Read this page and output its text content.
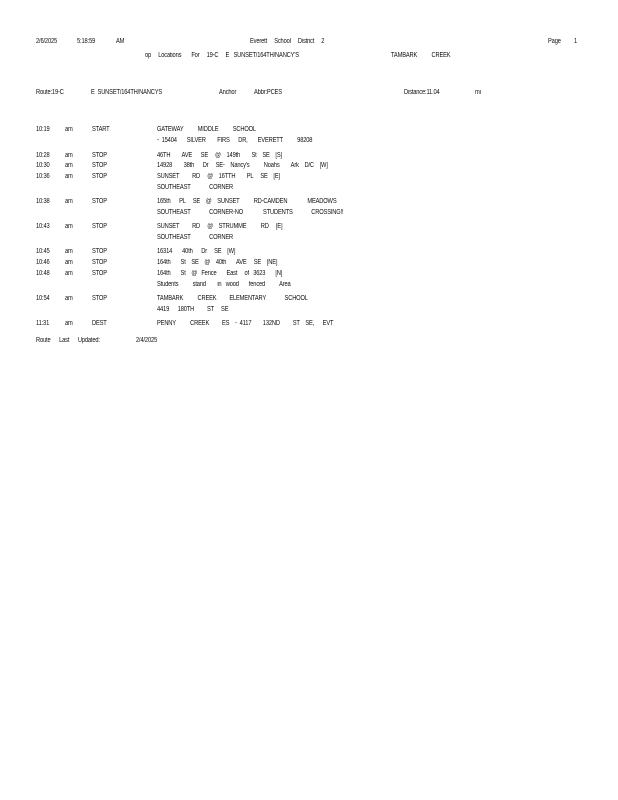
2/6/2025	5:18:59	AM	Everett     School     District     2	Page 1
op     Locations       For     19-C     E   SUNSET/164TH/NANCY'S	TAMBARK          CREEK
Route:19-C	E  SUNSET/164TH/NANCYS	Anchor	Abbr:PCES	Distance:11.04	mi
10:19 am	START	GATEWAY          MIDDLE          SCHOOL
-  15404       SILVER        FIRS      DR,       EVERETT          98208
10:28 am	STOP	46TH        AVE      SE     @    149th        St    SE    [S]
10:30 am	STOP	14928        38th      Dr     SE-    Nancy's          Noahs        Ark    D/C    [W]
10:36 am	STOP	SUNSET         RD     @    16TTH        PL     SE    [E]
SOUTHEAST             CORNER
10:38 am	STOP	165th      PL     SE    @    SUNSET          RD-CAMDEN              MEADOWS
SOUTHEAST             CORNER-NO              STUDENTS             CROSSING!!
10:43 am	STOP	SUNSET         RD     @    STRUMME          RD     [E]
SOUTHEAST             CORNER
10:45 am	STOP	16314       40th      Dr     SE    [W]
10:46 am	STOP	164th       St    SE    @    40th       AVE     SE    [NE]
10:48 am	STOP	164th       St    @   Fence       East     of   3623       [N]
Students          stand        in   wood       fenced          Area
10:54 am	STOP	TAMBARK          CREEK         ELEMENTARY             SCHOOL
4419      180TH         ST     SE
11:31 am	DEST	PENNY          CREEK         ES    -  4117        132ND         ST    SE,      EVT
Route      Last      Updated:	2/4/2025
